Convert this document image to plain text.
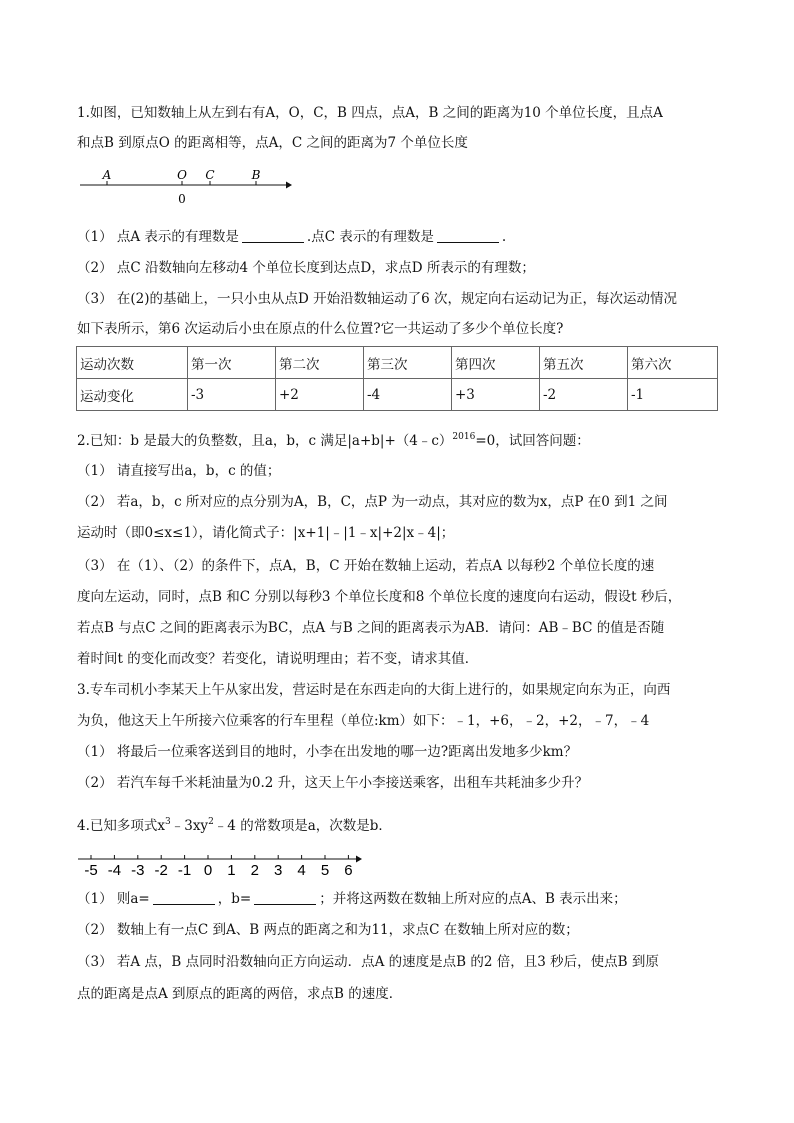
1.如图，已知数轴上从左到右有A，O，C，B 四点，点A，B 之间的距离为10 个单位长度，且点A
和点B 到原点O 的距离相等，点A，C 之间的距离为7 个单位长度
A	O C	B
0
（1） 点A 表示的有理数是	.点C 表示的有理数是	.
（2） 点C 沿数轴向左移动4 个单位长度到达点D，求点D 所表示的有理数；
（3） 在(2)的基础上，一只小虫从点D 开始沿数轴运动了6 次，规定向右运动记为正，每次运动情况
如下表所示，第6 次运动后小虫在原点的什么位置?它一共运动了多少个单位长度?
运动次数	第一次	第二次	第三次	第四次	第五次	第六次
运动变化	-3	+2	-4	+3	-2	-1
2.已知：b 是最大的负整数，且a，b，c 满足|a+b|+（4﹣c）$^{2016}$=0，试回答问题：
（1） 请直接写出a，b，c 的值；
（2） 若a，b，c 所对应的点分别为A，B，C，点P 为一动点，其对应的数为x，点P 在0 到1 之间
运动时（即0≤x≤1），请化简式子：|x+1|﹣|1﹣x|+2|x﹣4|；
（3） 在（1）、（2）的条件下，点A，B，C 开始在数轴上运动，若点A 以每秒2 个单位长度的速
度向左运动，同时，点B 和C 分别以每秒3 个单位长度和8 个单位长度的速度向右运动，假设t 秒后，
若点B 与点C 之间的距离表示为BC，点A 与B 之间的距离表示为AB．请问：AB﹣BC 的值是否随
着时间t 的变化而改变？若变化，请说明理由；若不变，请求其值．
3.专车司机小李某天上午从家出发，营运时是在东西走向的大街上进行的，如果规定向东为正，向西
为负，他这天上午所接六位乘客的行车里程（单位:km）如下：﹣1，+6，﹣2，+2，﹣7，﹣4
（1） 将最后一位乘客送到目的地时，小李在出发地的哪一边?距离出发地多少km？
（2） 若汽车每千米耗油量为0.2 升，这天上午小李接送乘客，出租车共耗油多少升？
4.已知多项式$x^3﹣3xy^2﹣4$ 的常数项是a，次数是b．
-5 -4 -3 -2 -1 0 1 2 3 4 5 6
（1） 则a=	，b=	；并将这两数在数轴上所对应的点A、B 表示出来；
（2） 数轴上有一点C 到A、B 两点的距离之和为11，求点C 在数轴上所对应的数；
（3） 若A 点，B 点同时沿数轴向正方向运动．点A 的速度是点B 的2 倍，且3 秒后，使点B 到原
点的距离是点A 到原点的距离的两倍，求点B 的速度．
